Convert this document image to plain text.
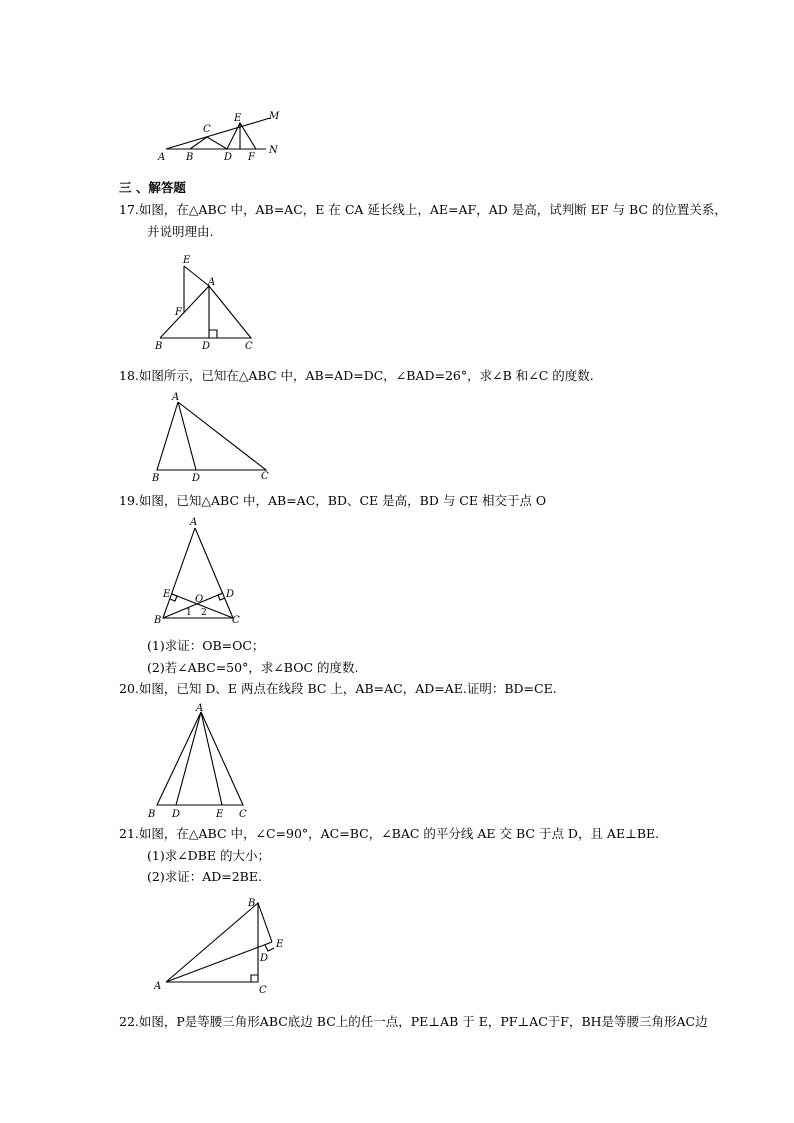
A B
C
D
E
F
M
N
三 、解答题
17.如图，在△ABC 中，AB=AC，E 在 CA 延长线上，AE=AF，AD 是高，试判断 EF 与 BC 的位置关系，
并说明理由.
E
A
F
B	D	C
18.如图所示，已知在△ABC 中，AB=AD=DC，∠BAD=26°，求∠B 和∠C 的度数.
A
B	D	C
19.如图，已知△ABC 中，AB=AC，BD、CE 是高，BD 与 CE 相交于点 O
A
E O D
B
1 2
C
(1)求证：OB=OC；
(2)若∠ABC=50°，求∠BOC 的度数.
20.如图，已知 D、E 两点在线段 BC 上，AB=AC，AD=AE.证明：BD=CE.
A
B D	E C
21.如图，在△ABC 中，∠C=90°，AC=BC，∠BAC 的平分线 AE 交 BC 于点 D，且 AE⊥BE.
(1)求∠DBE 的大小；
(2)求证：AD=2BE.
B
E
D
A	C
22.如图，P是等腰三角形ABC底边 BC上的任一点，PE⊥AB 于 E，PF⊥AC于F，BH是等腰三角形AC边
